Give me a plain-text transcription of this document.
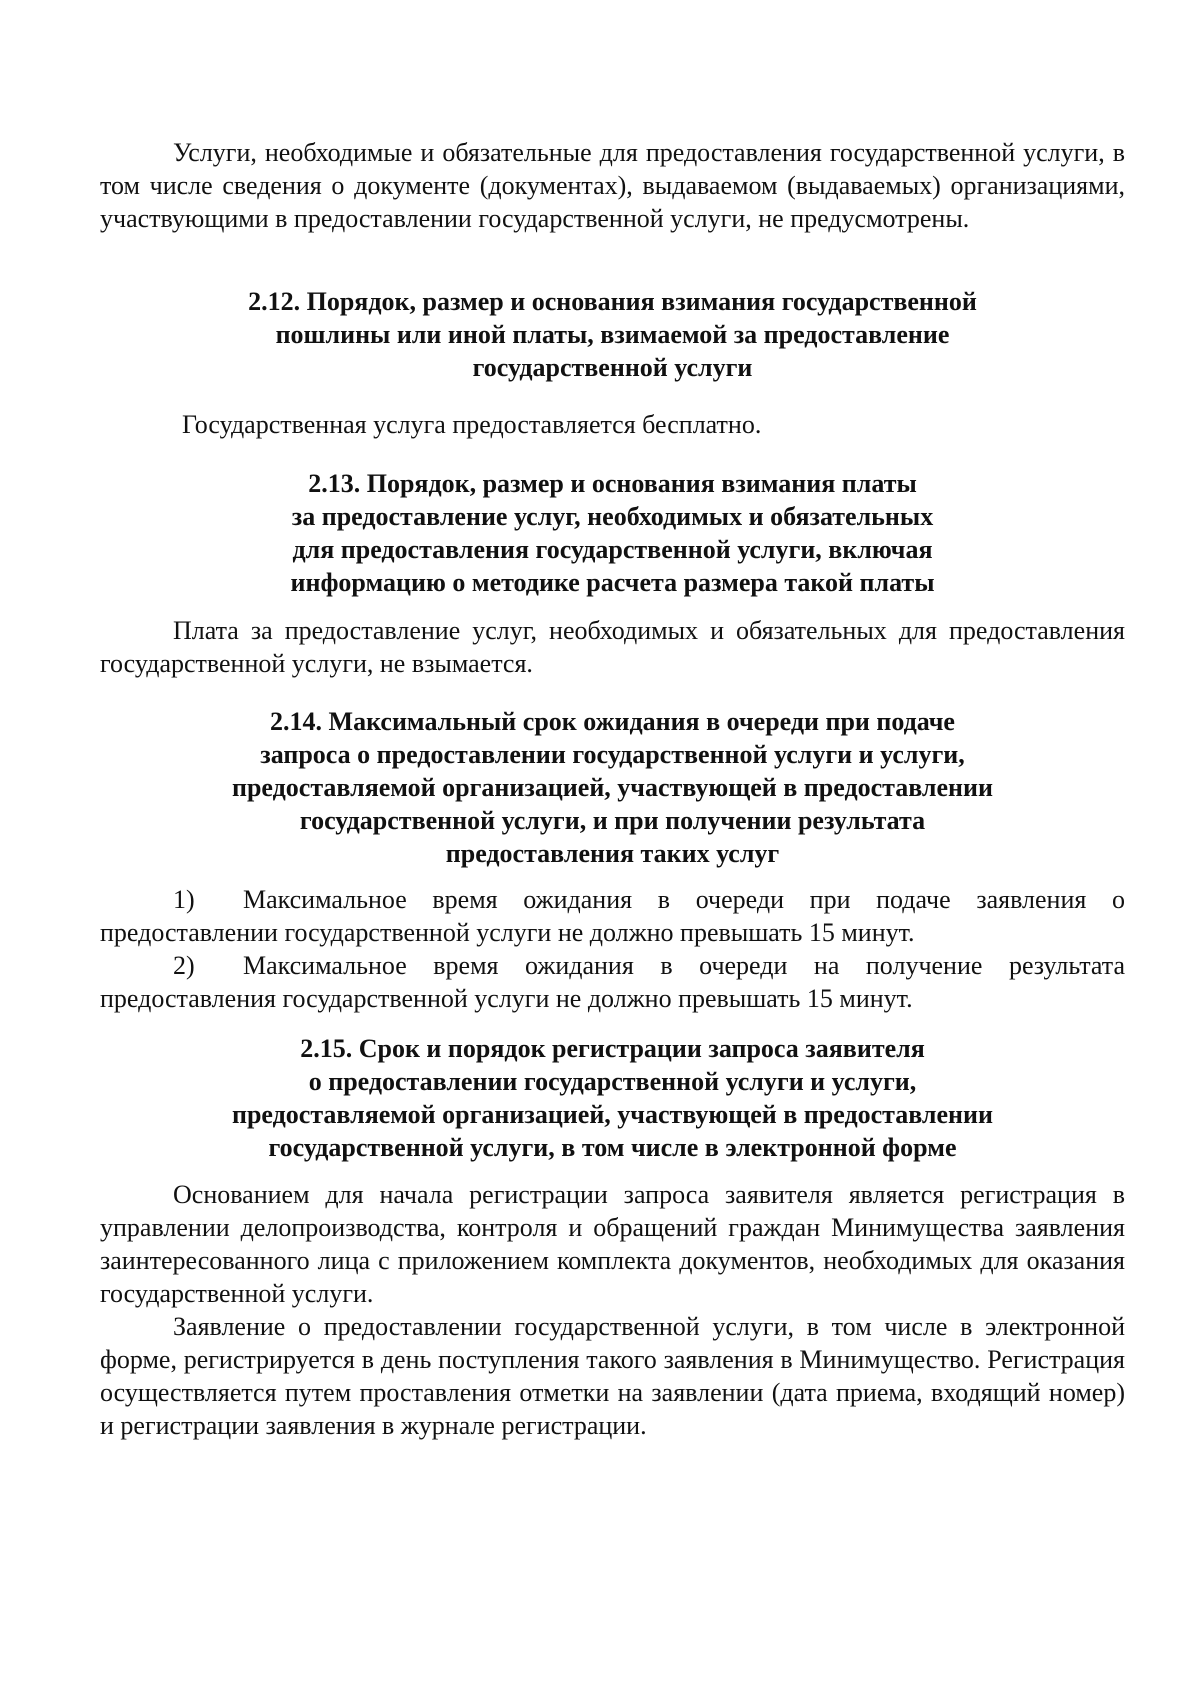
Услуги, необходимые и обязательные для предоставления государственной услуги, в том числе сведения о документе (документах), выдаваемом (выдаваемых) организациями, участвующими в предоставлении государственной услуги, не предусмотрены.

2.12. Порядок, размер и основания взимания государственной
пошлины или иной платы, взимаемой за предоставление
государственной услуги

Государственная услуга предоставляется бесплатно.

2.13. Порядок, размер и основания взимания платы
за предоставление услуг, необходимых и обязательных
для предоставления государственной услуги, включая
информацию о методике расчета размера такой платы

Плата за предоставление услуг, необходимых и обязательных для предоставления государственной услуги, не взымается.

2.14. Максимальный срок ожидания в очереди при подаче
запроса о предоставлении государственной услуги и услуги,
предоставляемой организацией, участвующей в предоставлении
государственной услуги, и при получении результата
предоставления таких услуг

1) Максимальное время ожидания в очереди при подаче заявления о предоставлении государственной услуги не должно превышать 15 минут.

2) Максимальное время ожидания в очереди на получение результата предоставления государственной услуги не должно превышать 15 минут.

2.15. Срок и порядок регистрации запроса заявителя
о предоставлении государственной услуги и услуги,
предоставляемой организацией, участвующей в предоставлении
государственной услуги, в том числе в электронной форме

Основанием для начала регистрации запроса заявителя является регистрация в управлении делопроизводства, контроля и обращений граждан Минимущества заявления заинтересованного лица с приложением комплекта документов, необходимых для оказания государственной услуги.

Заявление о предоставлении государственной услуги, в том числе в электронной форме, регистрируется в день поступления такого заявления в Минимущество. Регистрация осуществляется путем проставления отметки на заявлении (дата приема, входящий номер) и регистрации заявления в журнале регистрации.
